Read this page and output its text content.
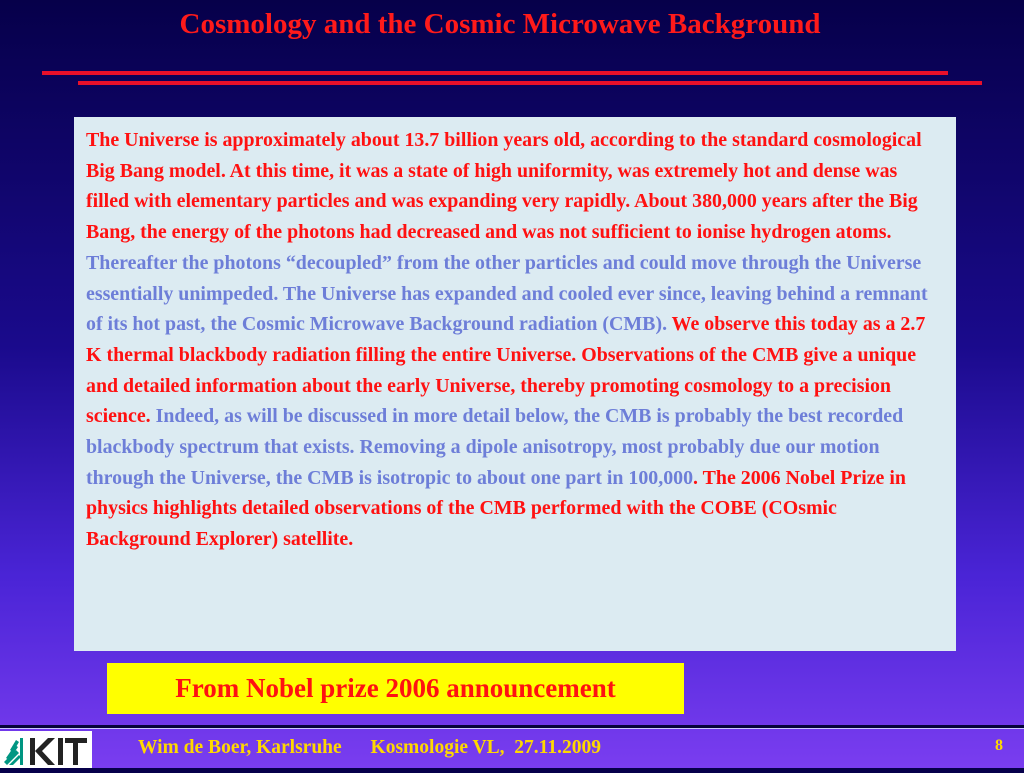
Cosmology and the Cosmic Microwave Background
The Universe is approximately about 13.7 billion years old, according to the standard cosmological Big Bang model. At this time, it was a state of high uniformity, was extremely hot and dense was filled with elementary particles and was expanding very rapidly. About 380,000 years after the Big Bang, the energy of the photons had decreased and was not sufficient to ionise hydrogen atoms. Thereafter the photons “decoupled” from the other particles and could move through the Universe essentially unimpeded. The Universe has expanded and cooled ever since, leaving behind a remnant of its hot past, the Cosmic Microwave Background radiation (CMB). We observe this today as a 2.7 K thermal blackbody radiation filling the entire Universe. Observations of the CMB give a unique and detailed information about the early Universe, thereby promoting cosmology to a precision science. Indeed, as will be discussed in more detail below, the CMB is probably the best recorded blackbody spectrum that exists. Removing a dipole anisotropy, most probably due our motion through the Universe, the CMB is isotropic to about one part in 100,000. The 2006 Nobel Prize in physics highlights detailed observations of the CMB performed with the COBE (COsmic Background Explorer) satellite.
From Nobel prize 2006 announcement
Wim de Boer, Karlsruhe Kosmologie VL,  27.11.2009	8
